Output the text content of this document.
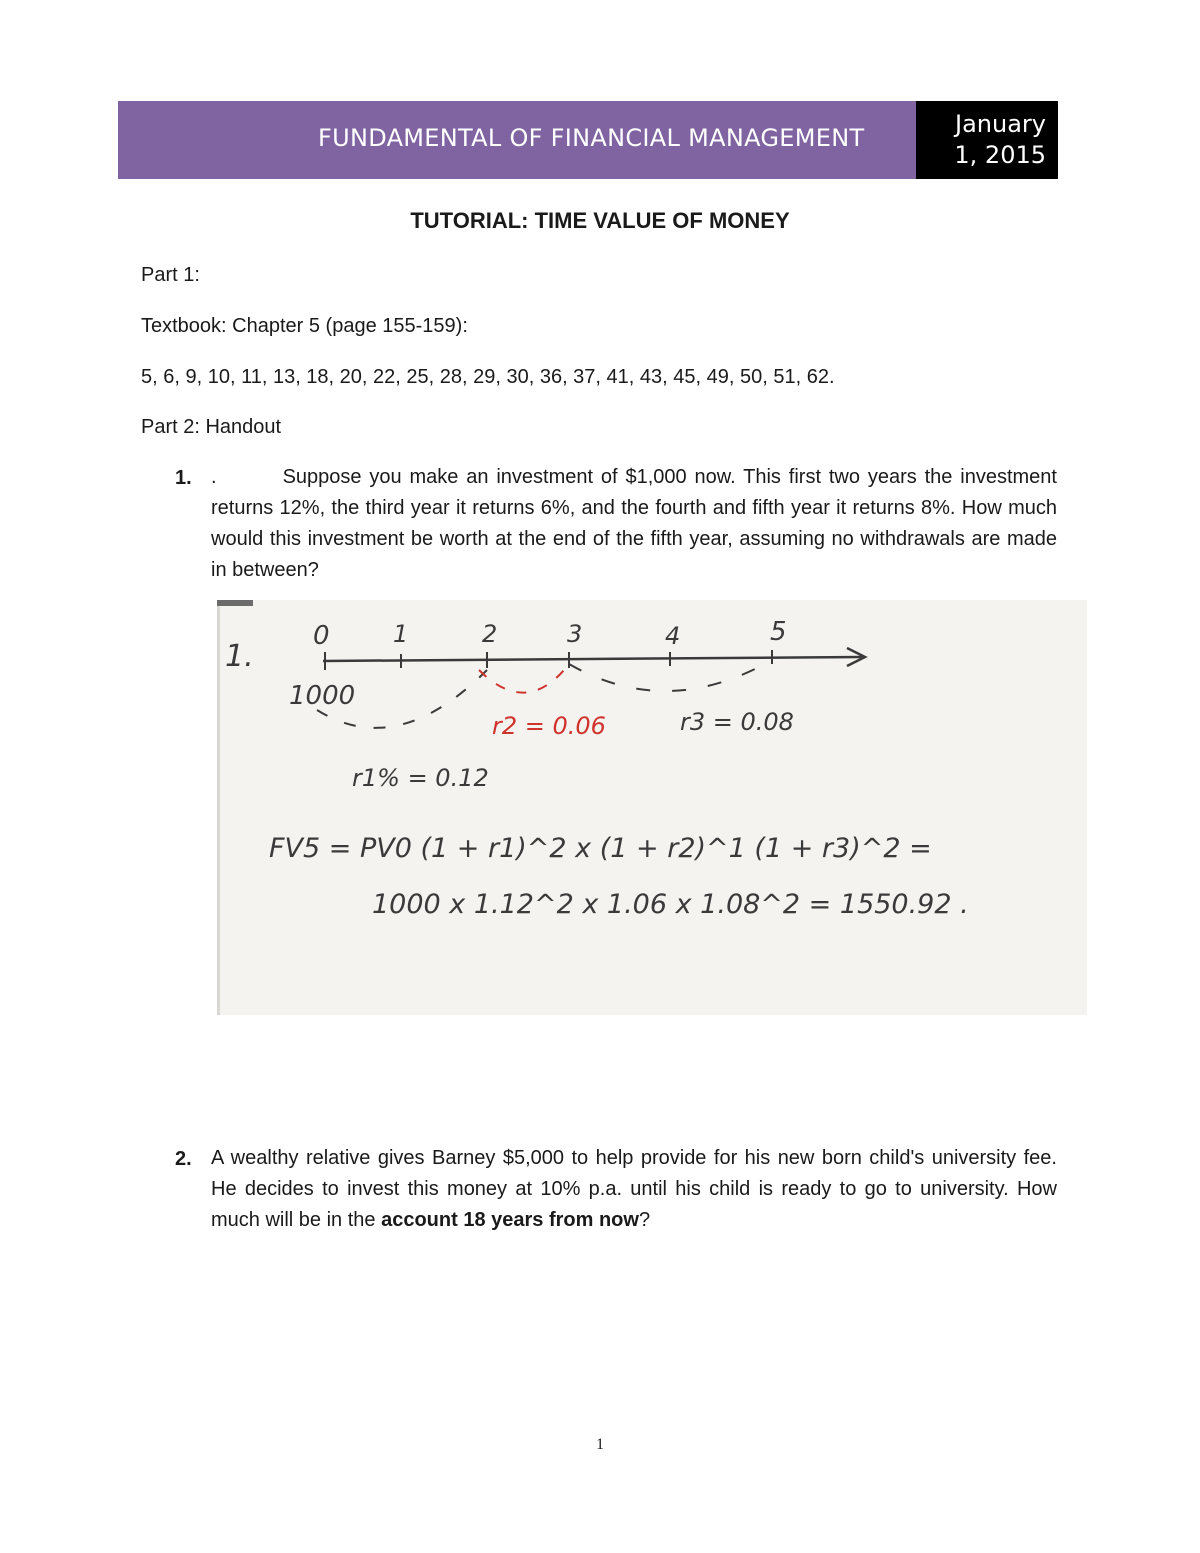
FUNDAMENTAL OF FINANCIAL MANAGEMENT	January
1, 2015
TUTORIAL: TIME VALUE OF MONEY
Part 1:
Textbook: Chapter 5 (page 155-159):
5, 6, 9, 10, 11, 13, 18, 20, 22, 25, 28, 29, 30, 36, 37, 41, 43, 45, 49, 50, 51, 62.
Part 2: Handout
1. .	Suppose you make an investment of $1,000 now. This first two years the investment returns 12%, the third year it returns 6%, and the fourth and fifth year it returns 8%. How much would this investment be worth at the end of the fifth year, assuming no withdrawals are made in between?
1.
0	1	2	3	4	5
1000
r2 = 0.06	r3 = 0.08
r1% = 0.12
FV5 = PV0 (1 + r1)^2 x (1 + r2)^1 (1 + r3)^2 =
1000 x 1.12^2 x 1.06 x 1.08^2 = 1550.92 .
2. A wealthy relative gives Barney $5,000 to help provide for his new born child's university fee. He decides to invest this money at 10% p.a. until his child is ready to go to university. How much will be in the account 18 years from now?
1
